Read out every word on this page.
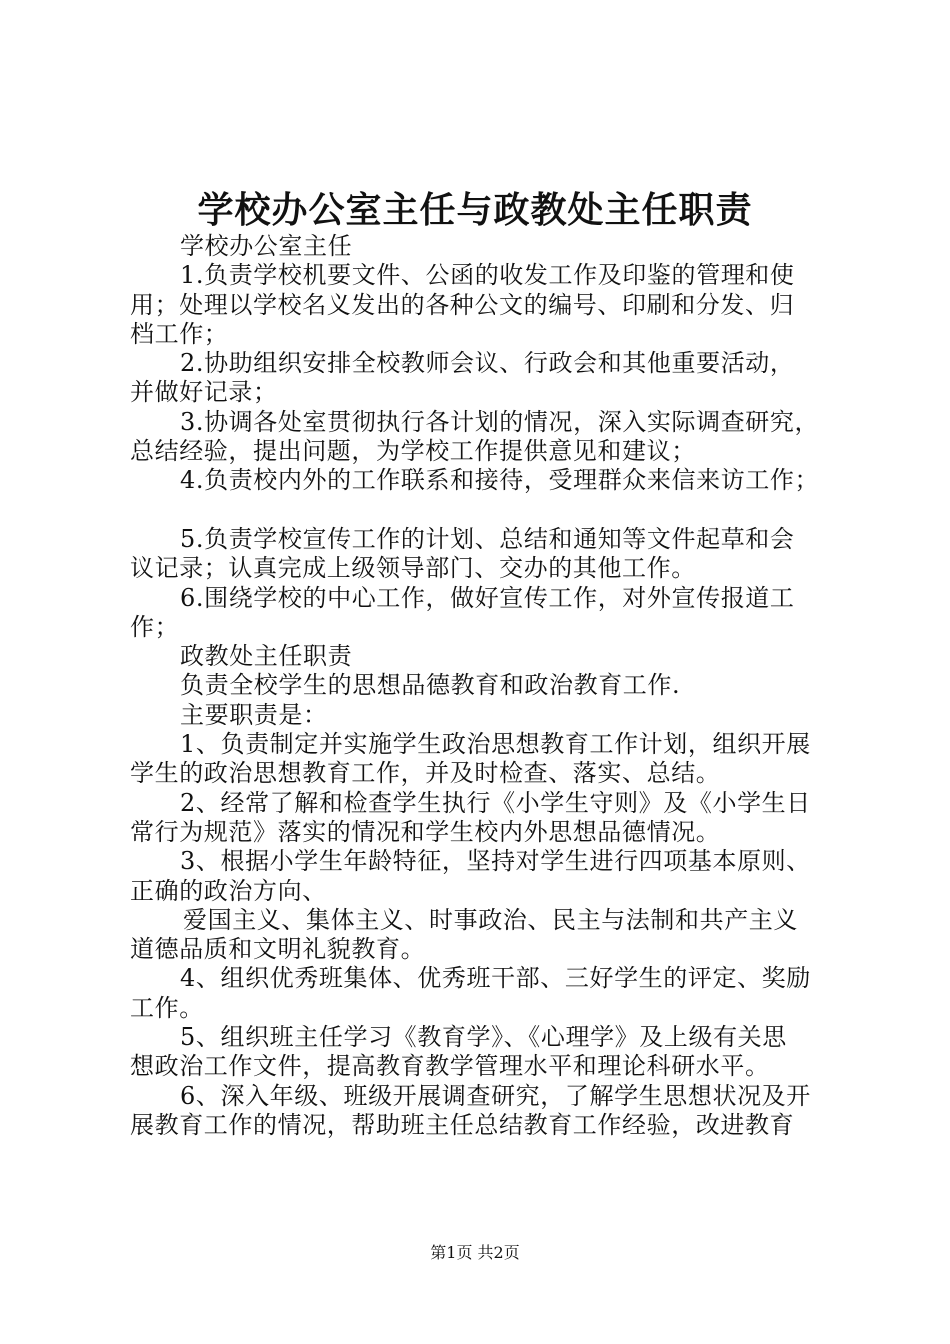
学校办公室主任与政教处主任职责
学校办公室主任
1.负责学校机要文件、公函的收发工作及印鉴的管理和使
用；处理以学校名义发出的各种公文的编号、印刷和分发、归
档工作；
2.协助组织安排全校教师会议、行政会和其他重要活动，
并做好记录；
3.协调各处室贯彻执行各计划的情况，深入实际调查研究，
总结经验，提出问题，为学校工作提供意见和建议；
4.负责校内外的工作联系和接待，受理群众来信来访工作；
5.负责学校宣传工作的计划、总结和通知等文件起草和会
议记录；认真完成上级领导部门、交办的其他工作。
6.围绕学校的中心工作，做好宣传工作，对外宣传报道工
作；
政教处主任职责
负责全校学生的思想品德教育和政治教育工作.
主要职责是：
1、负责制定并实施学生政治思想教育工作计划，组织开展
学生的政治思想教育工作，并及时检查、落实、总结。
2、经常了解和检查学生执行《小学生守则》及《小学生日
常行为规范》落实的情况和学生校内外思想品德情况。
3、根据小学生年龄特征，坚持对学生进行四项基本原则、
正确的政治方向、
爱国主义、集体主义、时事政治、民主与法制和共产主义
道德品质和文明礼貌教育。
4、组织优秀班集体、优秀班干部、三好学生的评定、奖励
工作。
5、组织班主任学习《教育学》、《心理学》及上级有关思
想政治工作文件，提高教育教学管理水平和理论科研水平。
6、深入年级、班级开展调查研究，了解学生思想状况及开
展教育工作的情况，帮助班主任总结教育工作经验，改进教育
第1页 共2页
